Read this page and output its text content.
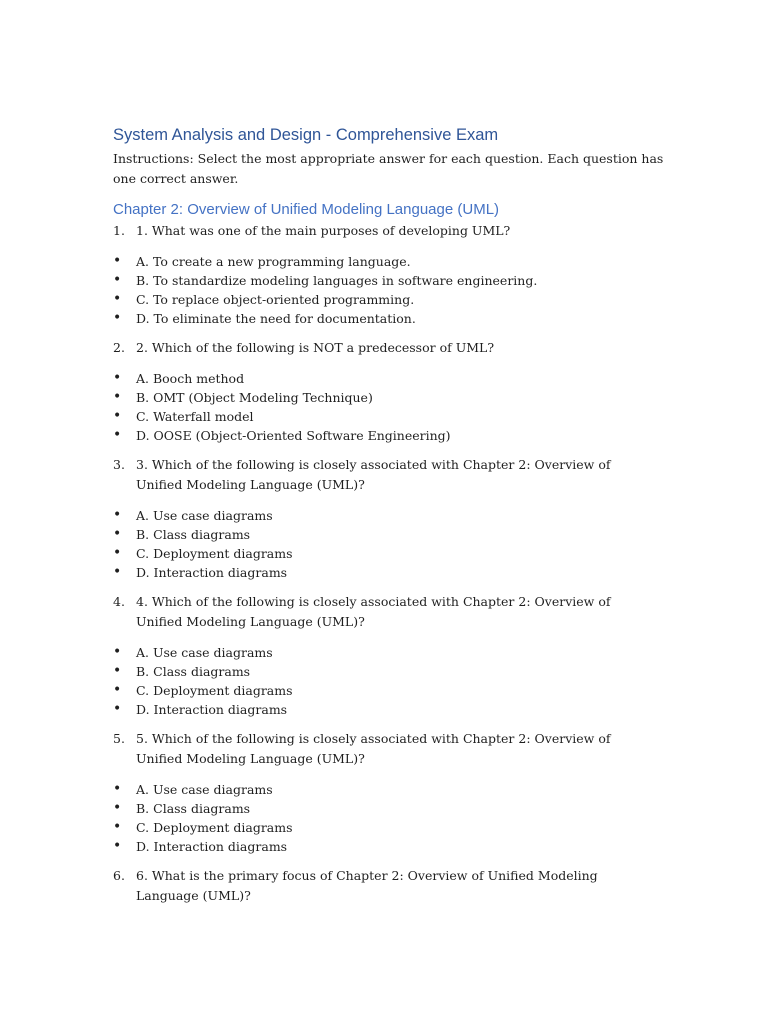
System Analysis and Design - Comprehensive Exam

Instructions: Select the most appropriate answer for each question. Each question has one correct answer.

Chapter 2: Overview of Unified Modeling Language (UML)
1. 1. What was one of the main purposes of developing UML?
• A. To create a new programming language.
• B. To standardize modeling languages in software engineering.
• C. To replace object-oriented programming.
• D. To eliminate the need for documentation.
2. 2. Which of the following is NOT a predecessor of UML?
• A. Booch method
• B. OMT (Object Modeling Technique)
• C. Waterfall model
• D. OOSE (Object-Oriented Software Engineering)
3. 3. Which of the following is closely associated with Chapter 2: Overview of Unified Modeling Language (UML)?
• A. Use case diagrams
• B. Class diagrams
• C. Deployment diagrams
• D. Interaction diagrams
4. 4. Which of the following is closely associated with Chapter 2: Overview of Unified Modeling Language (UML)?
• A. Use case diagrams
• B. Class diagrams
• C. Deployment diagrams
• D. Interaction diagrams
5. 5. Which of the following is closely associated with Chapter 2: Overview of Unified Modeling Language (UML)?
• A. Use case diagrams
• B. Class diagrams
• C. Deployment diagrams
• D. Interaction diagrams
6. 6. What is the primary focus of Chapter 2: Overview of Unified Modeling Language (UML)?
